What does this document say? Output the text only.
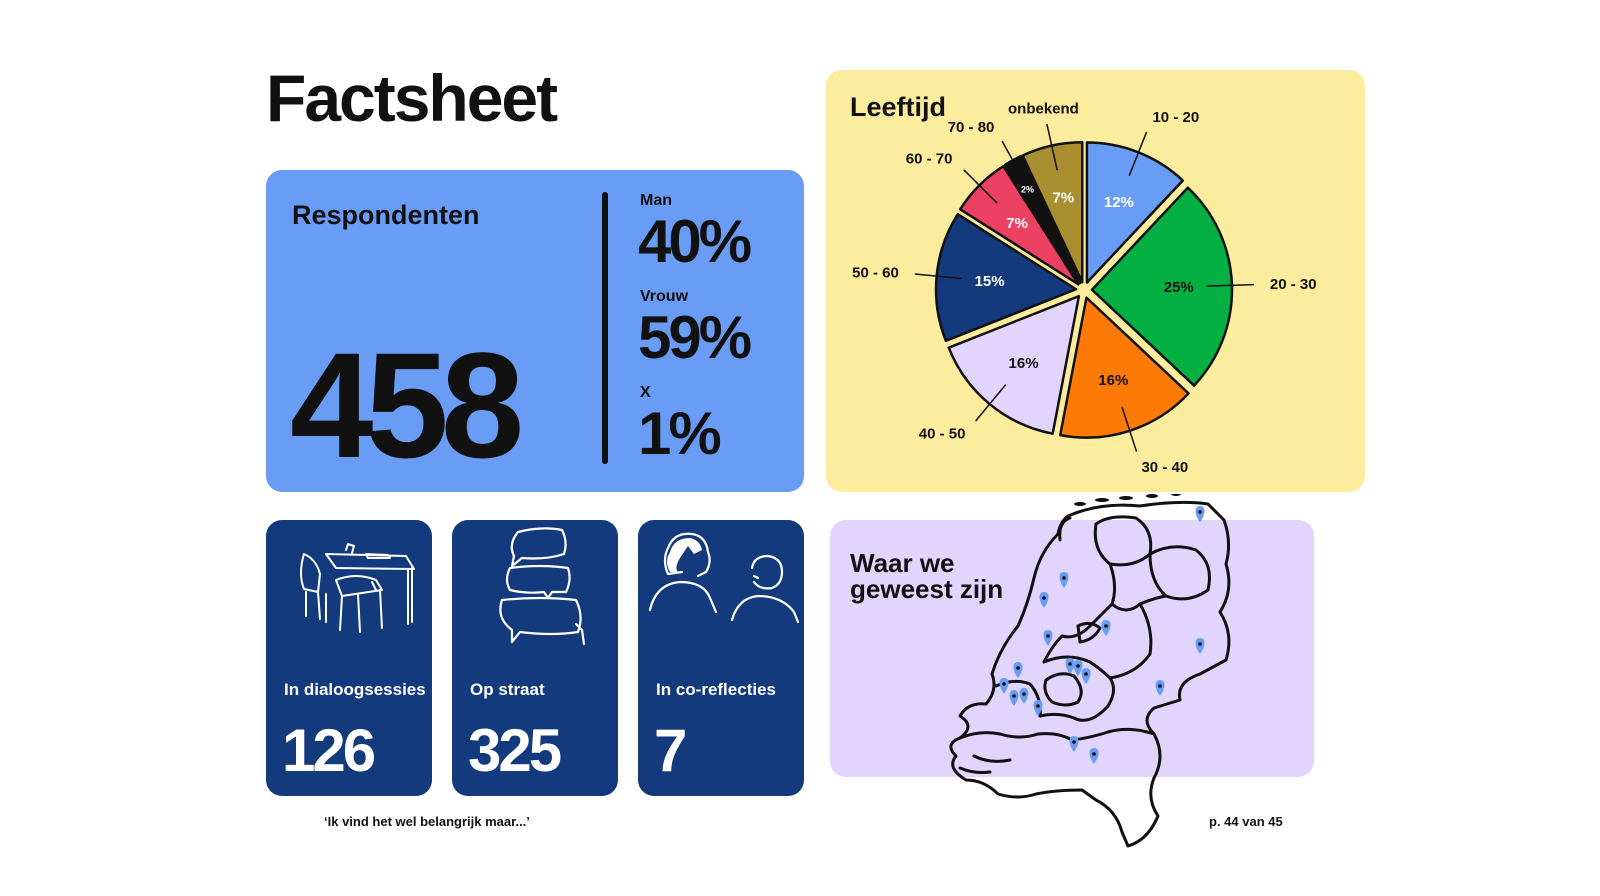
Factsheet
Respondenten
458
Man
40%
Vrouw
59%
X
1%
Leeftijd
12%
10 - 20
25%	20 - 30
16%
30 - 40
16%
40 - 50
15%
50 - 60
7%
60 - 70
2%
70 - 80
7%
onbekend
In dialoogsessies
126
Op straat
325
In co-reflecties
7
Waar we geweest zijn
‘Ik vind het wel belangrijk maar...’	p. 44 van 45
